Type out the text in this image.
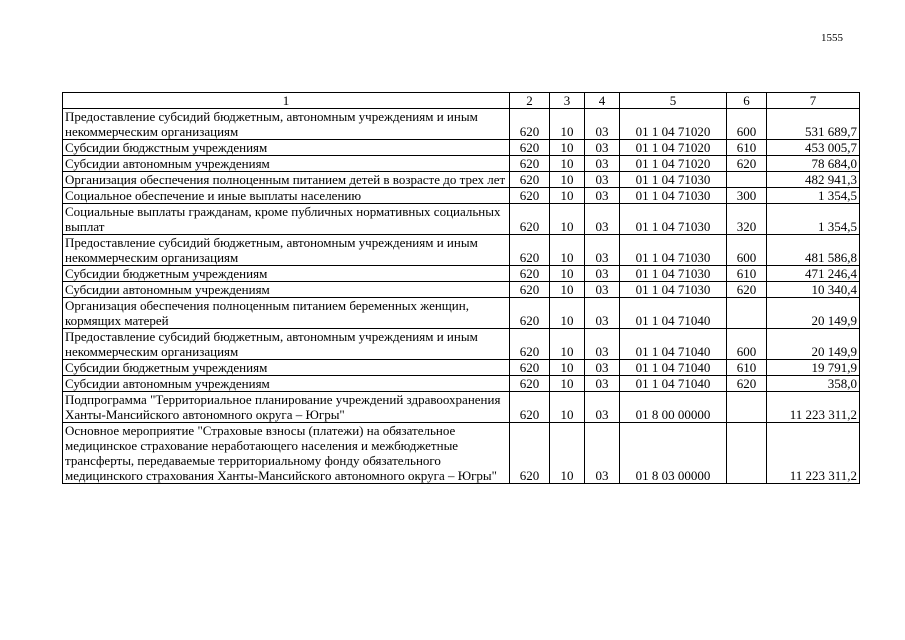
1555
1	2	3	4	5	6	7
Предоставление субсидий бюджетным, автономным учреждениям и иным некоммерческим организациям	620	10	03	01 1 04 71020	600	531 689,7
Субсидии бюджстным учреждениям	620	10	03	01 1 04 71020	610	453 005,7
Субсидии автономным учреждениям	620	10	03	01 1 04 71020	620	78 684,0
Организация обеспечения полноценным питанием детей в возрасте до трех лет	620	10	03	01 1 04 71030		482 941,3
Социальное обеспечение и иные выплаты населению	620	10	03	01 1 04 71030	300	1 354,5
Социальные выплаты гражданам, кроме публичных нормативных социальных выплат	620	10	03	01 1 04 71030	320	1 354,5
Предоставление субсидий бюджетным, автономным учреждениям и иным некоммерческим организациям	620	10	03	01 1 04 71030	600	481 586,8
Субсидии бюджетным учреждениям	620	10	03	01 1 04 71030	610	471 246,4
Субсидии автономным учреждениям	620	10	03	01 1 04 71030	620	10 340,4
Организация обеспечения полноценным питанием беременных женщин, кормящих матерей	620	10	03	01 1 04 71040		20 149,9
Предоставление субсидий бюджетным, автономным учреждениям и иным некоммерческим организациям	620	10	03	01 1 04 71040	600	20 149,9
Субсидии бюджетным учреждениям	620	10	03	01 1 04 71040	610	19 791,9
Субсидии автономным учреждениям	620	10	03	01 1 04 71040	620	358,0
Подпрограмма "Территориальное планирование учреждений здравоохранения Ханты-Мансийского автономного округа – Югры"	620	10	03	01 8 00 00000		11 223 311,2
Основное мероприятие "Страховые взносы (платежи) на обязательное медицинское страхование неработающего населения и межбюджетные трансферты, передаваемые территориальному фонду обязательного медицинского страхования Ханты-Мансийского автономного округа – Югры"	620	10	03	01 8 03 00000		11 223 311,2
